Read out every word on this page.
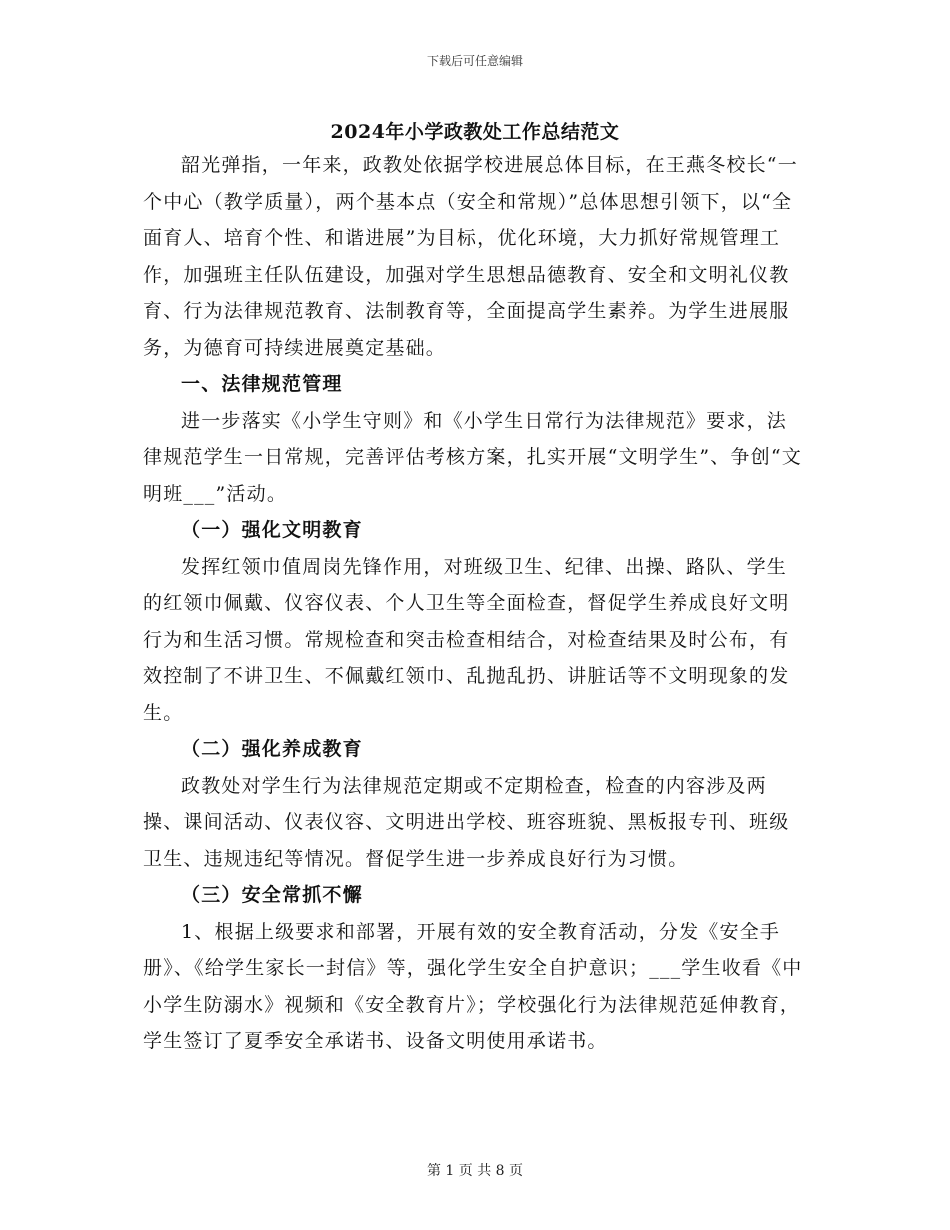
下载后可任意编辑
2024年小学政教处工作总结范文

韶光弹指，一年来，政教处依据学校进展总体目标，在王燕冬校长“一个中心（教学质量），两个基本点（安全和常规）”总体思想引领下，以“全面育人、培育个性、和谐进展”为目标，优化环境，大力抓好常规管理工作，加强班主任队伍建设，加强对学生思想品德教育、安全和文明礼仪教育、行为法律规范教育、法制教育等，全面提高学生素养。为学生进展服务，为德育可持续进展奠定基础。

一、法律规范管理

进一步落实《小学生守则》和《小学生日常行为法律规范》要求，法律规范学生一日常规，完善评估考核方案，扎实开展“文明学生”、争创“文明班___”活动。

（一）强化文明教育

发挥红领巾值周岗先锋作用，对班级卫生、纪律、出操、路队、学生的红领巾佩戴、仪容仪表、个人卫生等全面检查，督促学生养成良好文明行为和生活习惯。常规检查和突击检查相结合，对检查结果及时公布，有效控制了不讲卫生、不佩戴红领巾、乱抛乱扔、讲脏话等不文明现象的发生。

（二）强化养成教育

政教处对学生行为法律规范定期或不定期检查，检查的内容涉及两操、课间活动、仪表仪容、文明进出学校、班容班貌、黑板报专刊、班级卫生、违规违纪等情况。督促学生进一步养成良好行为习惯。

（三）安全常抓不懈

1、根据上级要求和部署，开展有效的安全教育活动，分发《安全手册》、《给学生家长一封信》等，强化学生安全自护意识；___学生收看《中小学生防溺水》视频和《安全教育片》；学校强化行为法律规范延伸教育，学生签订了夏季安全承诺书、设备文明使用承诺书。

第 1 页 共 8 页
